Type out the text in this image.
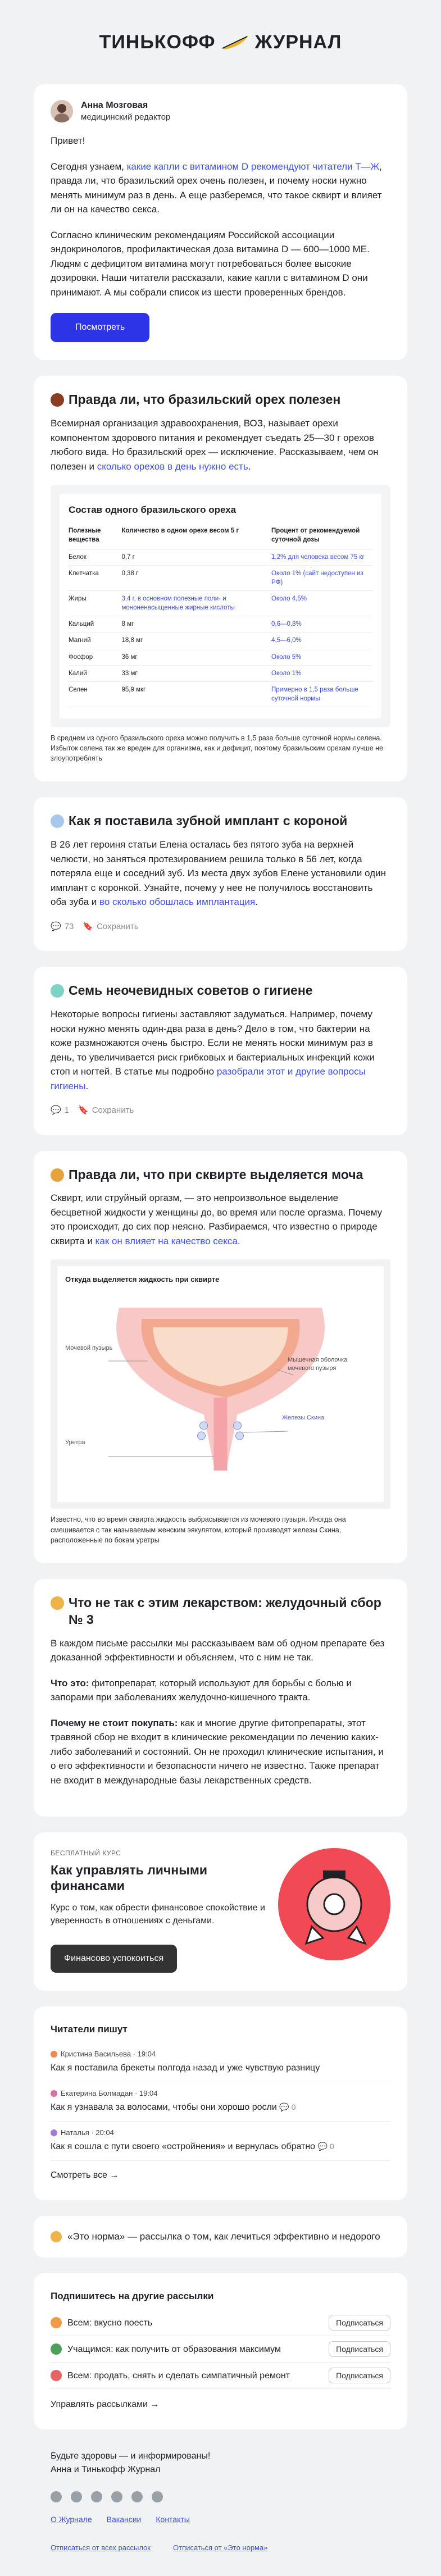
ТИНЬКОФФ ЖУРНАЛ
Анна Мозговая
медицинский редактор

Привет!

Сегодня узнаем, какие капли с витамином D рекомендуют читатели Т—Ж, правда ли, что бразильский орех очень полезен, и почему носки нужно менять минимум раз в день. А еще разберемся, что такое сквирт и влияет ли он на качество секса.

Согласно клиническим рекомендациям Российской ассоциации эндокринологов, профилактическая доза витамина D — 600—1000 МЕ. Людям с дефицитом витамина могут потребоваться более высокие дозировки. Наши читатели рассказали, какие капли с витамином D они принимают. А мы собрали список из шести проверенных брендов.

Посмотреть
Правда ли, что бразильский орех полезен

Всемирная организация здравоохранения, ВОЗ, называет орехи компонентом здорового питания и рекомендует съедать 25—30 г орехов любого вида. Но бразильский орех — исключение. Рассказываем, чем он полезен и сколько орехов в день нужно есть.

Состав одного бразильского ореха
Полезные вещества	Количество в одном орехе весом 5 г	Процент от рекомендуемой суточной дозы
Белок	0,7 г	1,2% для человека весом 75 кг
Клетчатка	0,38 г	Около 1% (сайт недоступен из РФ)
Жиры	3,4 г, в основном полезные поли- и мононенасыщенные жирные кислоты	Около 4,5%
Кальций	8 мг	0,6—0,8%
Магний	18,8 мг	4,5—6,0%
Фосфор	36 мг	Около 5%
Калий	33 мг	Около 1%
Селен	95,9 мкг	Примерно в 1,5 раза больше суточной нормы
В среднем из одного бразильского ореха можно получить в 1,5 раза больше суточной нормы селена. Избыток селена так же вреден для организма, как и дефицит, поэтому бразильским орехам лучше не злоупотреблять
Как я поставила зубной имплант с короной

В 26 лет героиня статьи Елена осталась без пятого зуба на верхней челюсти, но заняться протезированием решила только в 56 лет, когда потеряла еще и соседний зуб. Из места двух зубов Елене установили один имплант с коронкой. Узнайте, почему у нее не получилось восстановить оба зуба и во сколько обошлась имплантация.

💬 73 🔖 Сохранить
Семь неочевидных советов о гигиене

Некоторые вопросы гигиены заставляют задуматься. Например, почему носки нужно менять один-два раза в день? Дело в том, что бактерии на коже размножаются очень быстро. Если не менять носки минимум раз в день, то увеличивается риск грибковых и бактериальных инфекций кожи стоп и ногтей. В статье мы подробно разобрали этот и другие вопросы гигиены.

💬 1 🔖 Сохранить
Правда ли, что при сквирте выделяется моча

Сквирт, или струйный оргазм, — это непроизвольное выделение бесцветной жидкости у женщины до, во время или после оргазма. Почему это происходит, до сих пор неясно. Разбираемся, что известно о природе сквирта и как он влияет на качество секса.

Откуда выделяется жидкость при сквирте
Мочевой пузырь
Мышечная оболочка мочевого пузыря
Железы Скина
Уретра
Известно, что во время сквирта жидкость выбрасывается из мочевого пузыря. Иногда она смешивается с так называемым женским эякулятом, который производят железы Скина, расположенные по бокам уретры
Что не так с этим лекарством: желудочный сбор № 3

В каждом письме рассылки мы рассказываем вам об одном препарате без доказанной эффективности и объясняем, что с ним не так.

Что это: фитопрепарат, который используют для борьбы с болью и запорами при заболеваниях желудочно-кишечного тракта.

Почему не стоит покупать: как и многие другие фитопрепараты, этот травяной сбор не входит в клинические рекомендации по лечению каких-либо заболеваний и состояний. Он не проходил клинические испытания, и о его эффективности и безопасности ничего не известно. Также препарат не входит в международные базы лекарственных средств.

БЕСПЛАТНЫЙ КУРС
Как управлять личными финансами
Курс о том, как обрести финансовое спокойствие и уверенность в отношениях с деньгами.
Финансово успокоиться
Читатели пишут
Кристина Васильева · 19:04
Как я поставила брекеты полгода назад и уже чувствую разницу
Екатерина Болмадан · 19:04
Как я узнавала за волосами, чтобы они хорошо росли 💬 0
Наталья · 20:04
Как я сошла с пути своего «остройнения» и вернулась обратно 💬 0
Смотреть все →
«Это норма» — рассылка о том, как лечиться эффективно и недорого
Подпишитесь на другие рассылки
Всем: вкусно поесть	Подписаться
Учащимся: как получить от образования максимум	Подписаться
Всем: продать, снять и сделать симпатичный ремонт	Подписаться
Управлять рассылками →
Будьте здоровы — и информированы!
Анна и Тинькофф Журнал
О Журнале Вакансии Контакты
Отписаться от всех рассылок	Отписаться от «Это норма»
